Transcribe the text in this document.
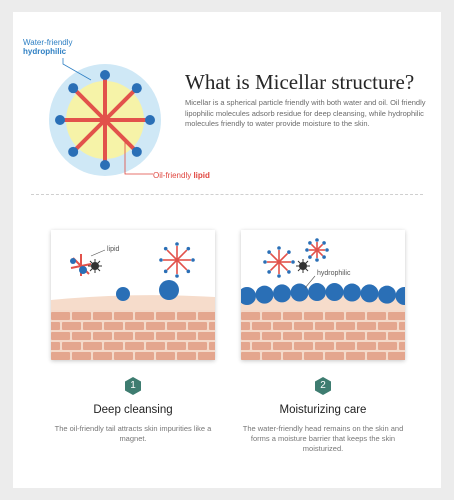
Water-friendly
hydrophilic
Oil-friendly lipid
What is Micellar structure?

Micellar is a spherical particle friendly with both water and oil. Oil friendly lipophilic molecules adsorb residue for deep cleansing, while hydrophilic molecules friendly to water provide moisture to the skin.

lipid
hydrophilic
1
Deep cleansing

The oil-friendly tail attracts skin impurities like a magnet.

2
Moisturizing care

The water-friendly head remains on the skin and forms a moisture barrier that keeps the skin moisturized.
